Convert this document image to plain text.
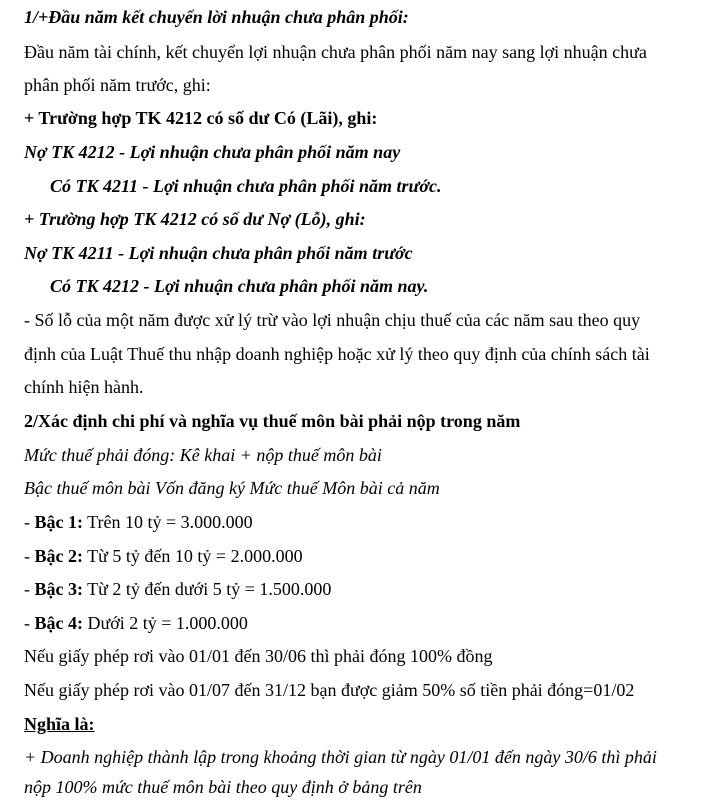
1/+Đầu năm kết chuyển lời nhuận chưa phân phối:
Đầu năm tài chính, kết chuyển lợi nhuận chưa phân phối năm nay sang lợi nhuận chưa
phân phối năm trước, ghi:
+ Trường hợp TK 4212 có số dư Có (Lãi), ghi:
Nợ TK 4212 - Lợi nhuận chưa phân phối năm nay
Có TK 4211 - Lợi nhuận chưa phân phối năm trước.
+ Trường hợp TK 4212 có số dư Nợ (Lỗ), ghi:
Nợ TK 4211 - Lợi nhuận chưa phân phối năm trước
Có TK 4212 - Lợi nhuận chưa phân phối năm nay.
- Số lỗ của một năm được xử lý trừ vào lợi nhuận chịu thuế của các năm sau theo quy
định của Luật Thuế thu nhập doanh nghiệp hoặc xử lý theo quy định của chính sách tài
chính hiện hành.
2/Xác định chi phí và nghĩa vụ thuế môn bài phải nộp trong năm
Mức thuế phải đóng: Kê khai + nộp thuế môn bài
Bậc thuế môn bài Vốn đăng ký Mức thuế Môn bài cả năm
- Bậc 1: Trên 10 tỷ = 3.000.000
- Bậc 2: Từ 5 tỷ đến 10 tỷ = 2.000.000
- Bậc 3: Từ 2 tỷ đến dưới 5 tỷ = 1.500.000
- Bậc 4: Dưới 2 tỷ = 1.000.000
Nếu giấy phép rơi vào 01/01 đến 30/06 thì phải đóng 100% đồng
Nếu giấy phép rơi vào 01/07 đến 31/12 bạn được giảm 50% số tiền phải đóng=01/02
Nghĩa là:
+ Doanh nghiệp thành lập trong khoảng thời gian từ ngày 01/01 đến ngày 30/6 thì phải
nộp 100% mức thuế môn bài theo quy định ở bảng trên
